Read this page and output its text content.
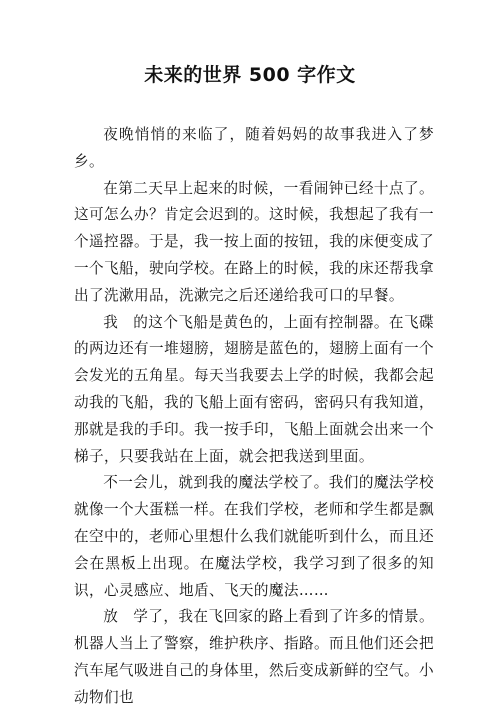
未来的世界 500 字作文

夜晚悄悄的来临了，随着妈妈的故事我进入了梦乡。

在第二天早上起来的时候，一看闹钟已经十点了。这可怎么办？肯定会迟到的。这时候，我想起了我有一个遥控器。于是，我一按上面的按钮，我的床便变成了一个飞船，驶向学校。在路上的时候，我的床还帮我拿出了洗漱用品，洗漱完之后还递给我可口的早餐。

我　的这个飞船是黄色的，上面有控制器。在飞碟的两边还有一堆翅膀，翅膀是蓝色的，翅膀上面有一个会发光的五角星。每天当我要去上学的时候，我都会起动我的飞船，我的飞船上面有密码，密码只有我知道，那就是我的手印。我一按手印，飞船上面就会出来一个梯子，只要我站在上面，就会把我送到里面。

不一会儿，就到我的魔法学校了。我们的魔法学校就像一个大蛋糕一样。在我们学校，老师和学生都是飘在空中的，老师心里想什么我们就能听到什么，而且还会在黑板上出现。在魔法学校，我学习到了很多的知识，心灵感应、地盾、飞天的魔法……

放　学了，我在飞回家的路上看到了许多的情景。机器人当上了警察，维护秩序、指路。而且他们还会把汽车尾气吸进自己的身体里，然后变成新鲜的空气。小动物们也
